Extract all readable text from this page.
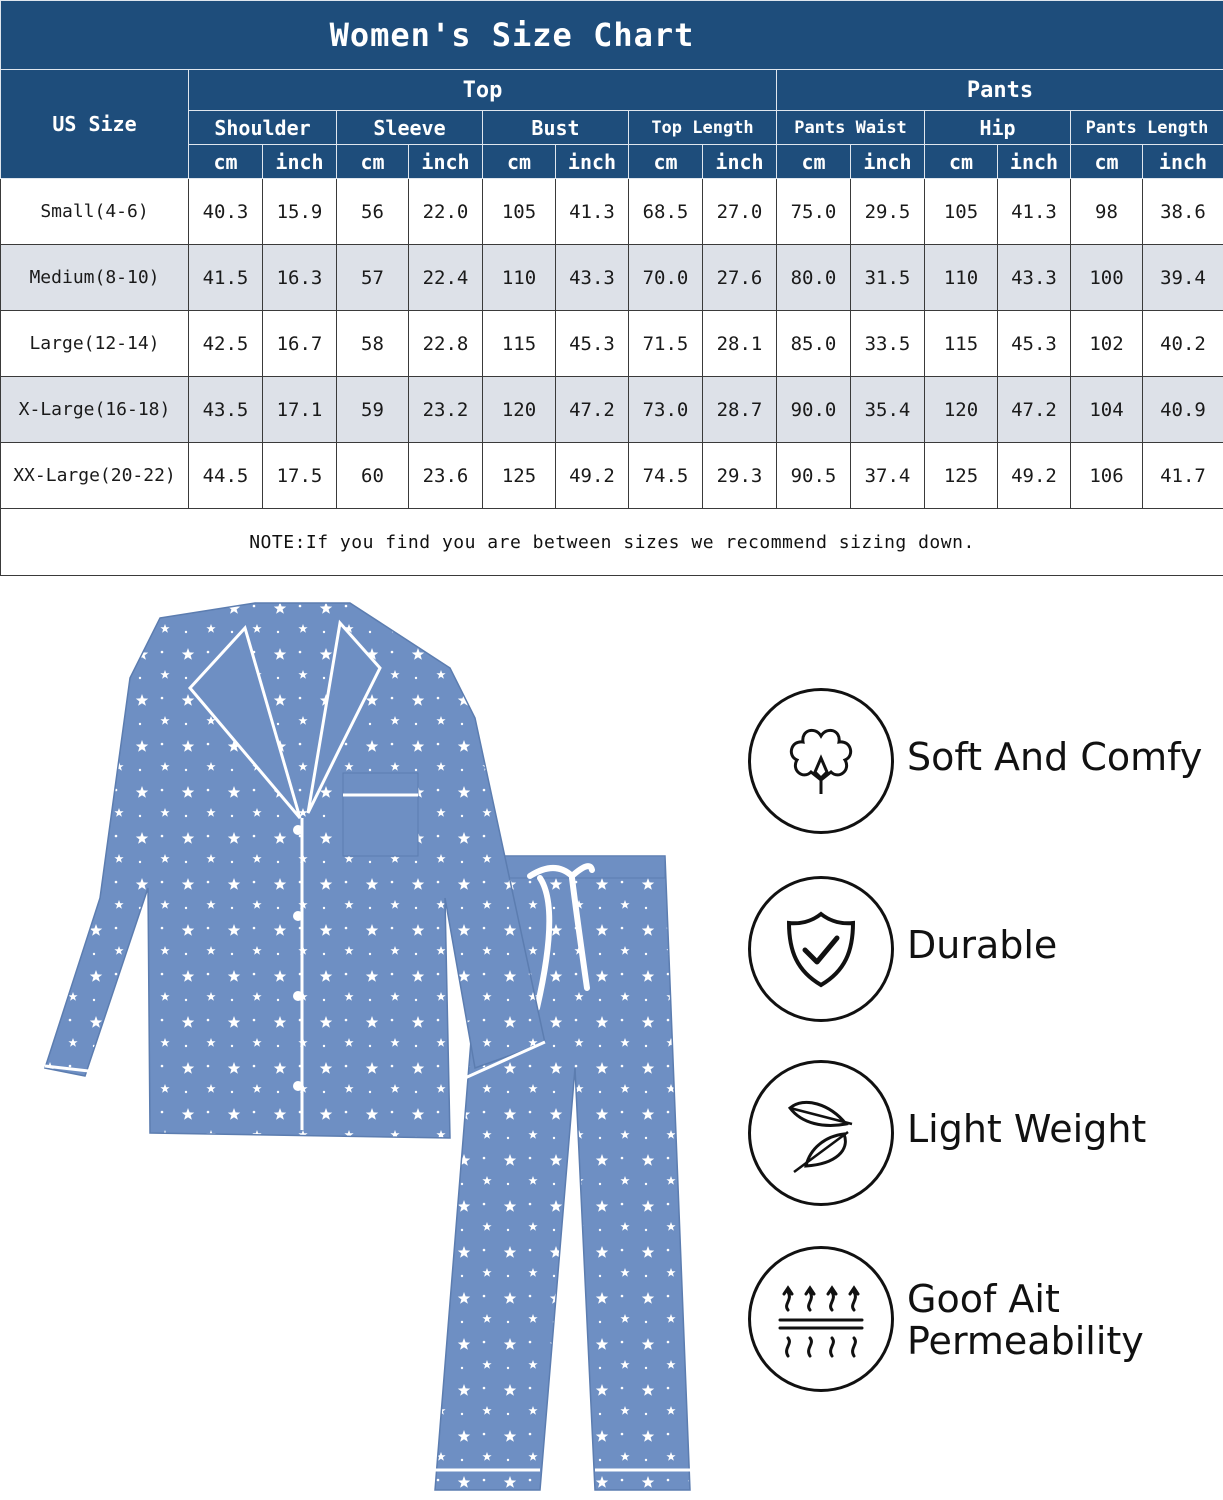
Women's Size Chart														
US Size	Top								Pants					
	Shoulder		Sleeve		Bust		Top Length		Pants Waist		Hip		Pants Length	
	cm	inch	cm	inch	cm	inch	cm	inch	cm	inch	cm	inch	cm	inch
Small(4-6)	40.3	15.9	56	22.0	105	41.3	68.5	27.0	75.0	29.5	105	41.3	98	38.6
Medium(8-10)	41.5	16.3	57	22.4	110	43.3	70.0	27.6	80.0	31.5	110	43.3	100	39.4
Large(12-14)	42.5	16.7	58	22.8	115	45.3	71.5	28.1	85.0	33.5	115	45.3	102	40.2
X-Large(16-18)	43.5	17.1	59	23.2	120	47.2	73.0	28.7	90.0	35.4	120	47.2	104	40.9
XX-Large(20-22)	44.5	17.5	60	23.6	125	49.2	74.5	29.3	90.5	37.4	125	49.2	106	41.7
NOTE:If you find you are between sizes we recommend sizing down.														
Soft And Comfy
Durable
Light Weight
Goof Ait
Permeability
